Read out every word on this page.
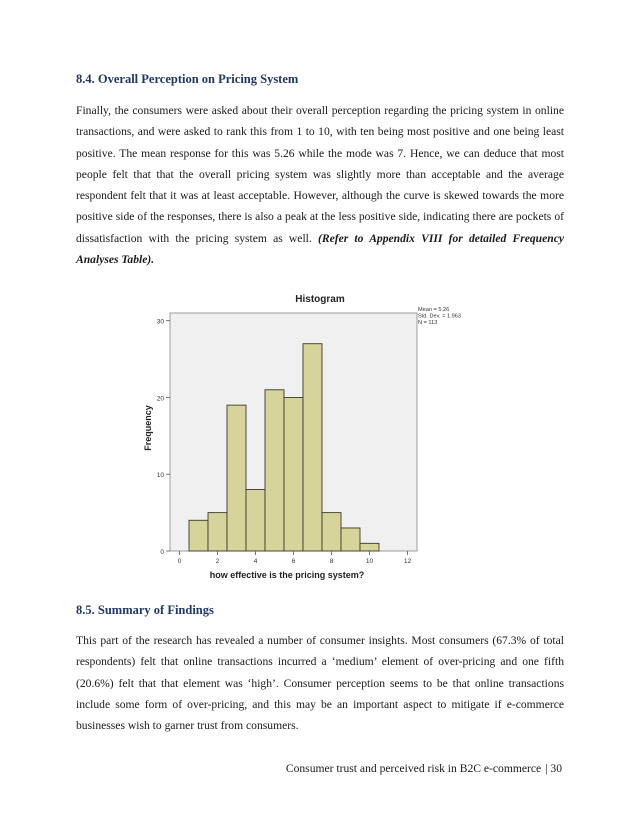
8.4. Overall Perception on Pricing System

Finally, the consumers were asked about their overall perception regarding the pricing system in online transactions, and were asked to rank this from 1 to 10, with ten being most positive and one being least positive. The mean response for this was 5.26 while the mode was 7. Hence, we can deduce that most people felt that that the overall pricing system was slightly more than acceptable and the average respondent felt that it was at least acceptable. However, although the curve is skewed towards the more positive side of the responses, there is also a peak at the less positive side, indicating there are pockets of dissatisfaction with the pricing system as well. (Refer to Appendix VIII for detailed Frequency Analyses Table).

Histogram
Frequency
how effective is the pricing system?
0
10
20
30
0	2	4	6	8	10	12
Mean = 5.26
Std. Dev. = 1.963
N = 113
8.5. Summary of Findings

This part of the research has revealed a number of consumer insights. Most consumers (67.3% of total respondents) felt that online transactions incurred a ‘medium’ element of over-pricing and one fifth (20.6%) felt that that element was ‘high’. Consumer perception seems to be that online transactions include some form of over-pricing, and this may be an important aspect to mitigate if e-commerce businesses wish to garner trust from consumers.

Consumer trust and perceived risk in B2C e-commerce | 30
